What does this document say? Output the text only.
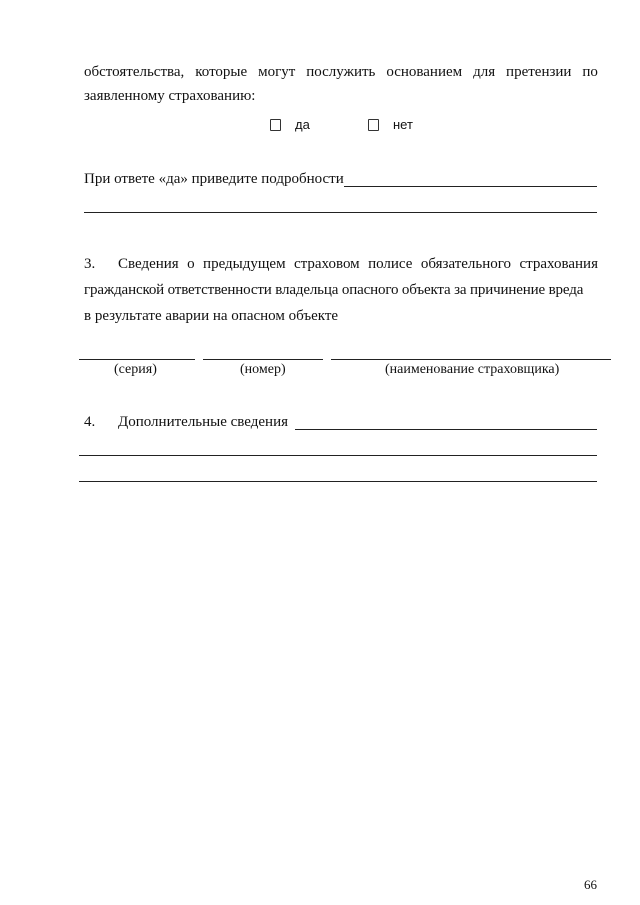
обстоятельства, которые могут послужить основанием для претензии по
заявленному страхованию:
да	нет
При ответе «да» приведите подробности
3. Сведения о предыдущем страховом полисе обязательного страхования
гражданской ответственности владельца опасного объекта за причинение вреда
в результате аварии на опасном объекте
(серия)	(номер)	(наименование страховщика)
4. Дополнительные сведения
66
